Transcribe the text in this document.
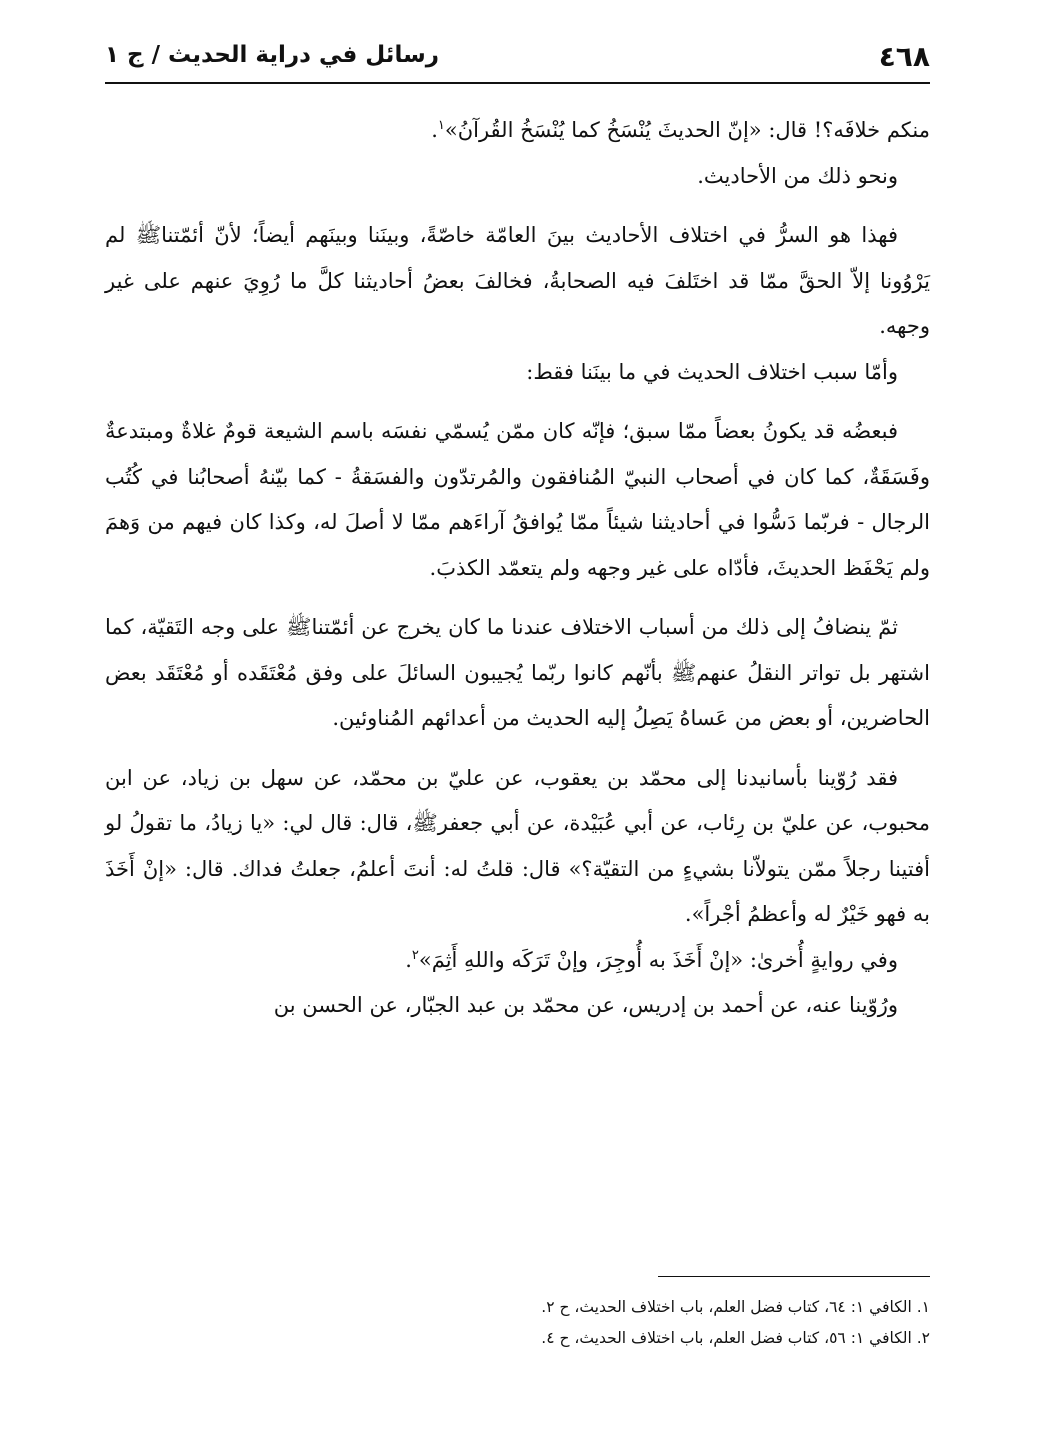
٤٦٨
رسائل في دراية الحديث / ج ١

منكم خلافَه؟! قال: «إنّ الحديثَ يُنْسَخُ كما يُنْسَخُ القُرآنُ»$^١$.

ونحو ذلك من الأحاديث.

فهذا هو السرُّ في اختلاف الأحاديث بينَ العامّة خاصّةً، وبينَنا وبينَهم أيضاً؛ لأنّ أئمّتناﷺ لم يَرْوُونا إلاّ الحقَّ ممّا قد اختَلفَ فيه الصحابةُ، فخالفَ بعضُ أحاديثنا كلَّ ما رُوِيَ عنهم على غير وجهه.

وأمّا سبب اختلاف الحديث في ما بينَنا فقط:

فبعضُه قد يكونُ بعضاً ممّا سبق؛ فإنّه كان ممّن يُسمّي نفسَه باسم الشيعة قومٌ غلاةٌ ومبتدعةٌ وفَسَقَةٌ، كما كان في أصحاب النبيّ المُنافقون والمُرتدّون والفسَقةُ - كما بيّنهُ أصحابُنا في كُتُب الرجال - فربّما دَسُّوا في أحاديثنا شيئاً ممّا يُوافقُ آراءَهم ممّا لا أصلَ له، وكذا كان فيهم من وَهمَ ولم يَحْفَظ الحديثَ، فأدّاه على غير وجهه ولم يتعمّد الكذبَ.

ثمّ ينضافُ إلى ذلك من أسباب الاختلاف عندنا ما كان يخرج عن أئمّتناﷺ على وجه التَقيّة، كما اشتهر بل تواتر النقلُ عنهمﷺ بأنّهم كانوا ربّما يُجيبون السائلَ على وفق مُعْتَقَده أو مُعْتَقَد بعض الحاضرين، أو بعض من عَساهُ يَصِلُ إليه الحديث من أعدائهم المُناوئين.

فقد رُوّينا بأسانيدنا إلى محمّد بن يعقوب، عن عليّ بن محمّد، عن سهل بن زياد، عن ابن محبوب، عن عليّ بن رِئاب، عن أبي عُبَيْدة، عن أبي جعفرﷺ، قال: قال لي: «يا زيادُ، ما تقولُ لو أفتينا رجلاً ممّن يتولاّنا بشيءٍ من التقيّة؟» قال: قلتُ له: أنتَ أعلمُ، جعلتُ فداك. قال: «إنْ أَخَذَ به فهو خَيْرٌ له وأعظمُ أجْراً».

وفي روايةٍ أُخرىٰ: «إنْ أَخَذَ به أُوجِرَ، وإنْ تَرَكَه واللهِ أَثِمَ»$^٢$.

ورُوّينا عنه، عن أحمد بن إدريس، عن محمّد بن عبد الجبّار، عن الحسن بن

١. الكافي ١: ٦٤، كتاب فضل العلم، باب اختلاف الحديث، ح ٢.

٢. الكافي ١: ٥٦، كتاب فضل العلم، باب اختلاف الحديث، ح ٤.
